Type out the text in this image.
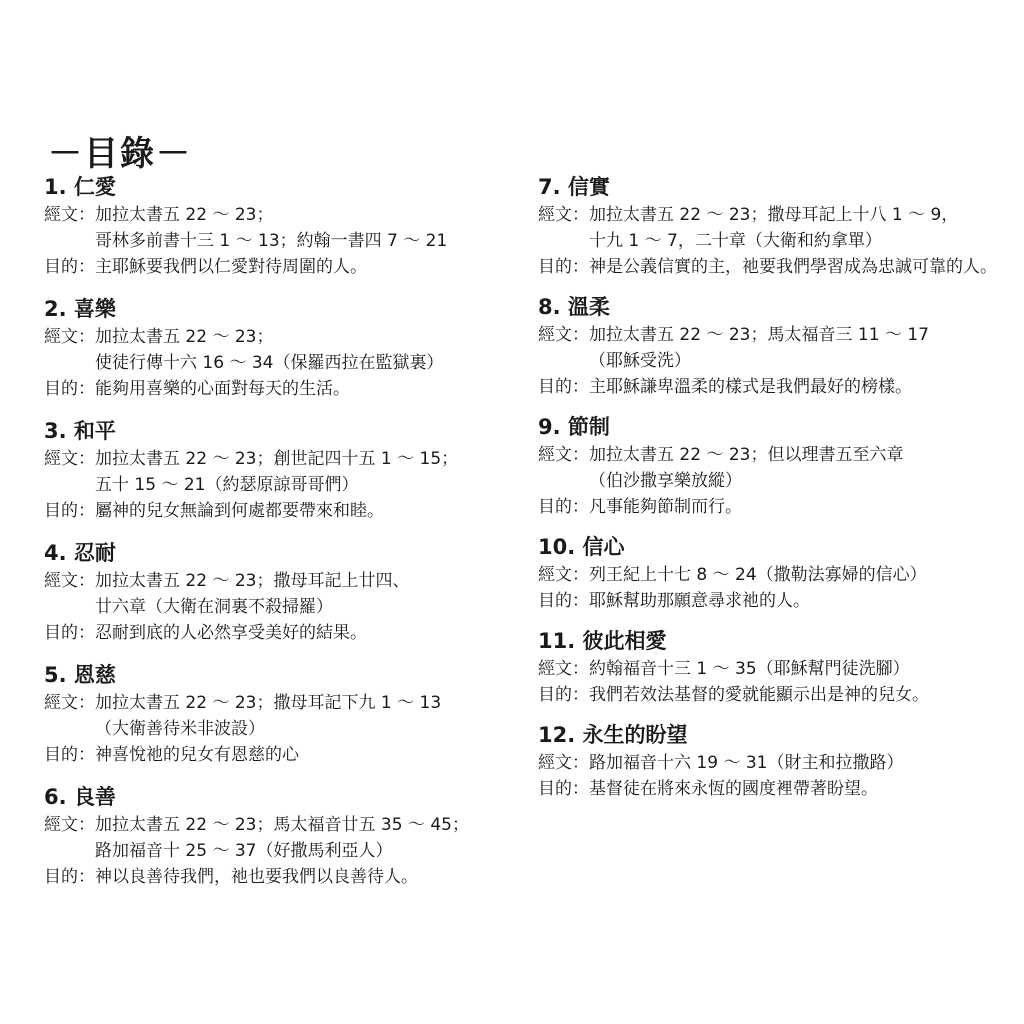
－目錄－
1. 仁愛
經文： 加拉太書五 22 ～ 23；
哥林多前書十三 1 ～ 13；約翰一書四 7 ～ 21
目的： 主耶穌要我們以仁愛對待周圍的人。
2. 喜樂
經文： 加拉太書五 22 ～ 23；
使徒行傳十六 16 ～ 34（保羅西拉在監獄裏）
目的： 能夠用喜樂的心面對每天的生活。
3. 和平
經文： 加拉太書五 22 ～ 23；創世記四十五 1 ～ 15；
五十 15 ～ 21（約瑟原諒哥哥們）
目的： 屬神的兒女無論到何處都要帶來和睦。
4. 忍耐
經文： 加拉太書五 22 ～ 23；撒母耳記上廿四、
廿六章（大衛在洞裏不殺掃羅）
目的： 忍耐到底的人必然享受美好的結果。
5. 恩慈
經文： 加拉太書五 22 ～ 23；撒母耳記下九 1 ～ 13
（大衛善待米非波設）
目的： 神喜悅祂的兒女有恩慈的心
6. 良善
經文： 加拉太書五 22 ～ 23；馬太福音廿五 35 ～ 45；
路加福音十 25 ～ 37（好撒馬利亞人）
目的： 神以良善待我們，祂也要我們以良善待人。
7. 信實
經文： 加拉太書五 22 ～ 23；撒母耳記上十八 1 ～ 9，
十九 1 ～ 7，二十章（大衛和約拿單）
目的： 神是公義信實的主，祂要我們學習成為忠誠可靠的人。
8. 溫柔
經文： 加拉太書五 22 ～ 23；馬太福音三 11 ～ 17
（耶穌受洗）
目的： 主耶穌謙卑溫柔的樣式是我們最好的榜樣。
9. 節制
經文： 加拉太書五 22 ～ 23；但以理書五至六章
（伯沙撒享樂放縱）
目的： 凡事能夠節制而行。
10. 信心
經文： 列王紀上十七 8 ～ 24（撒勒法寡婦的信心）
目的： 耶穌幫助那願意尋求祂的人。
11. 彼此相愛
經文： 約翰福音十三 1 ～ 35（耶穌幫門徒洗腳）
目的： 我們若效法基督的愛就能顯示出是神的兒女。
12. 永生的盼望
經文： 路加福音十六 19 ～ 31（財主和拉撒路）
目的： 基督徒在將來永恆的國度裡帶著盼望。
